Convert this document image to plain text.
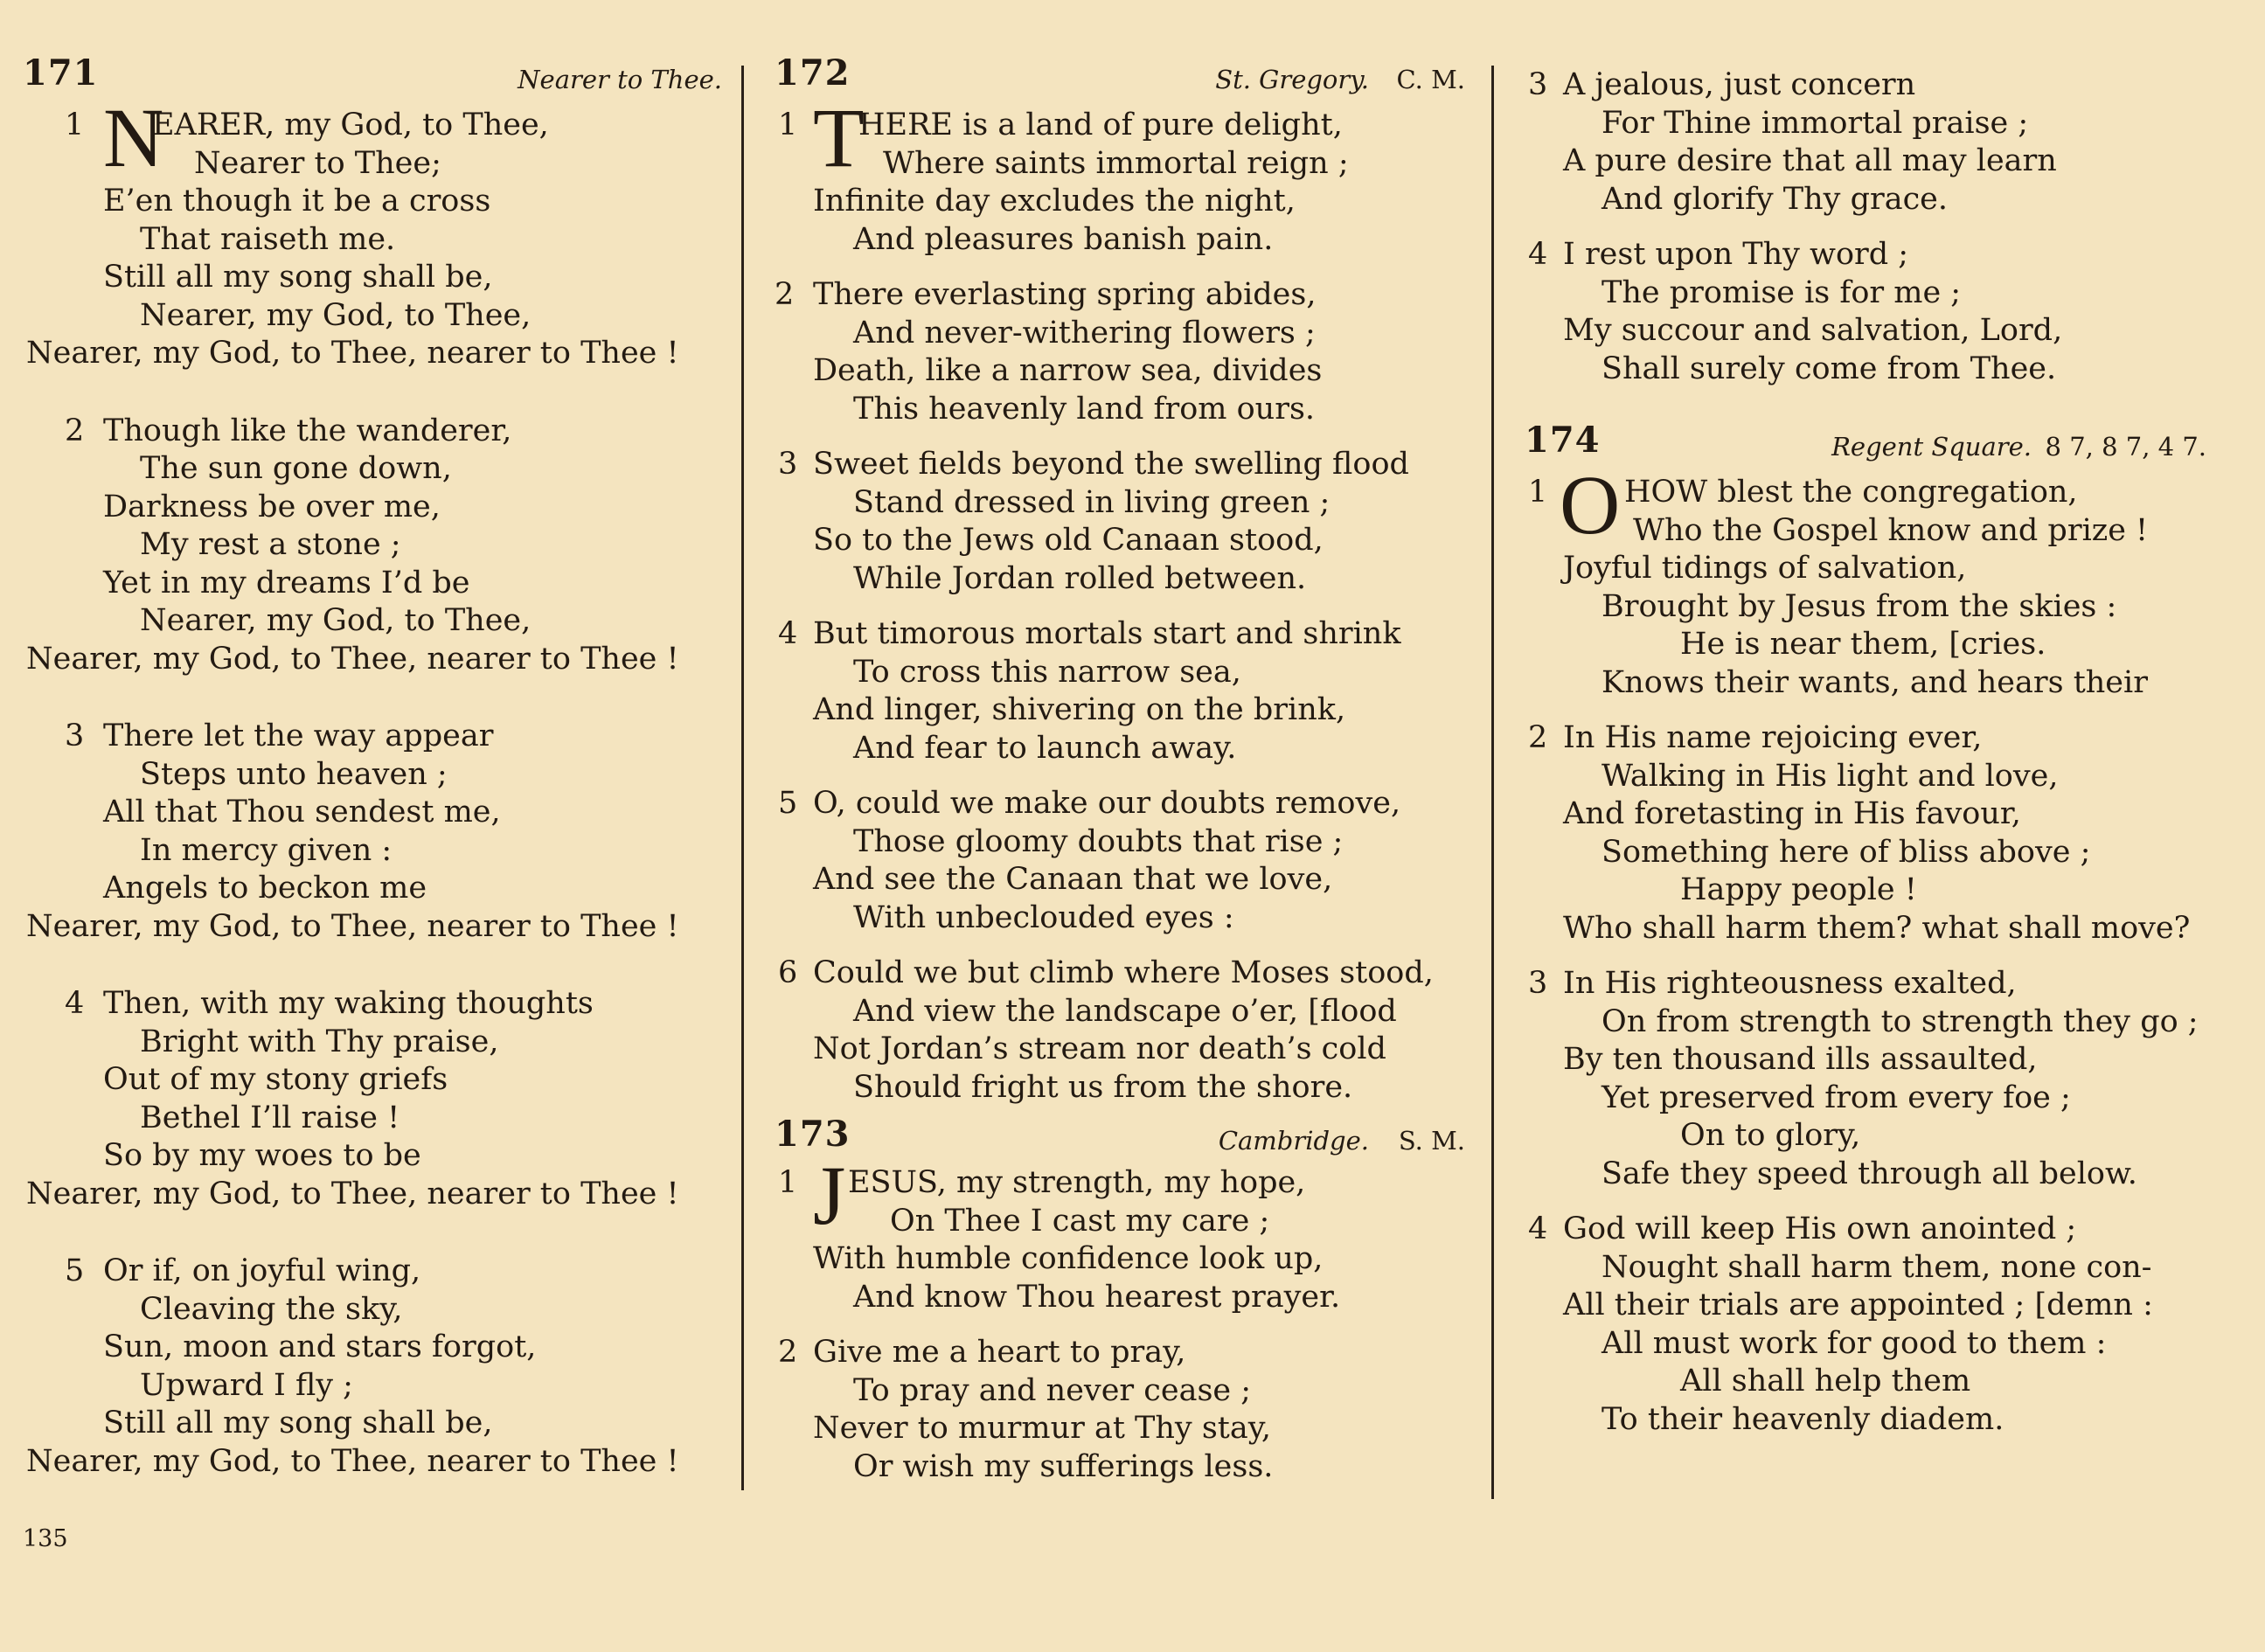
171	Nearer to Thee.
1 N
EARER, my God, to Thee,
Nearer to Thee;
E’en though it be a cross
That raiseth me.
Still all my song shall be,
Nearer, my God, to Thee,
Nearer, my God, to Thee, nearer to Thee !
2 Though like the wanderer,
The sun gone down,
Darkness be over me,
My rest a stone ;
Yet in my dreams I’d be
Nearer, my God, to Thee,
Nearer, my God, to Thee, nearer to Thee !
3 There let the way appear
Steps unto heaven ;
All that Thou sendest me,
In mercy given :
Angels to beckon me
Nearer, my God, to Thee, nearer to Thee !
4 Then, with my waking thoughts
Bright with Thy praise,
Out of my stony griefs
Bethel I’ll raise !
So by my woes to be
Nearer, my God, to Thee, nearer to Thee !
5 Or if, on joyful wing,
Cleaving the sky,
Sun, moon and stars forgot,
Upward I fly ;
Still all my song shall be,
Nearer, my God, to Thee, nearer to Thee !
172	St. Gregory. C. M.
1 T
HERE is a land of pure delight,
Where saints immortal reign ;
Infinite day excludes the night,
And pleasures banish pain.
2 There everlasting spring abides,
And never-withering flowers ;
Death, like a narrow sea, divides
This heavenly land from ours.
3 Sweet fields beyond the swelling flood
Stand dressed in living green ;
So to the Jews old Canaan stood,
While Jordan rolled between.
4 But timorous mortals start and shrink
To cross this narrow sea,
And linger, shivering on the brink,
And fear to launch away.
5 O, could we make our doubts remove,
Those gloomy doubts that rise ;
And see the Canaan that we love,
With unbeclouded eyes :
6 Could we but climb where Moses stood,
And view the landscape o’er, [flood
Not Jordan’s stream nor death’s cold
Should fright us from the shore.
173	Cambridge. S. M.
1 J ESUS, my strength, my hope,
On Thee I cast my care ;
With humble confidence look up,
And know Thou hearest prayer.
2 Give me a heart to pray,
To pray and never cease ;
Never to murmur at Thy stay,
Or wish my sufferings less.
3 A jealous, just concern
For Thine immortal praise ;
A pure desire that all may learn
And glorify Thy grace.
4 I rest upon Thy word ;
The promise is for me ;
My succour and salvation, Lord,
Shall surely come from Thee.
174	Regent Square. 8 7, 8 7, 4 7.
1 O HOW blest the congregation,
Who the Gospel know and prize !
Joyful tidings of salvation,
Brought by Jesus from the skies :
He is near them, [cries.
Knows their wants, and hears their
2 In His name rejoicing ever,
Walking in His light and love,
And foretasting in His favour,
Something here of bliss above ;
Happy people !
Who shall harm them? what shall move?
3 In His righteousness exalted,
On from strength to strength they go ;
By ten thousand ills assaulted,
Yet preserved from every foe ;
On to glory,
Safe they speed through all below.
4 God will keep His own anointed ;
Nought shall harm them, none con-
All their trials are appointed ; [demn :
All must work for good to them :
All shall help them
To their heavenly diadem.
135
